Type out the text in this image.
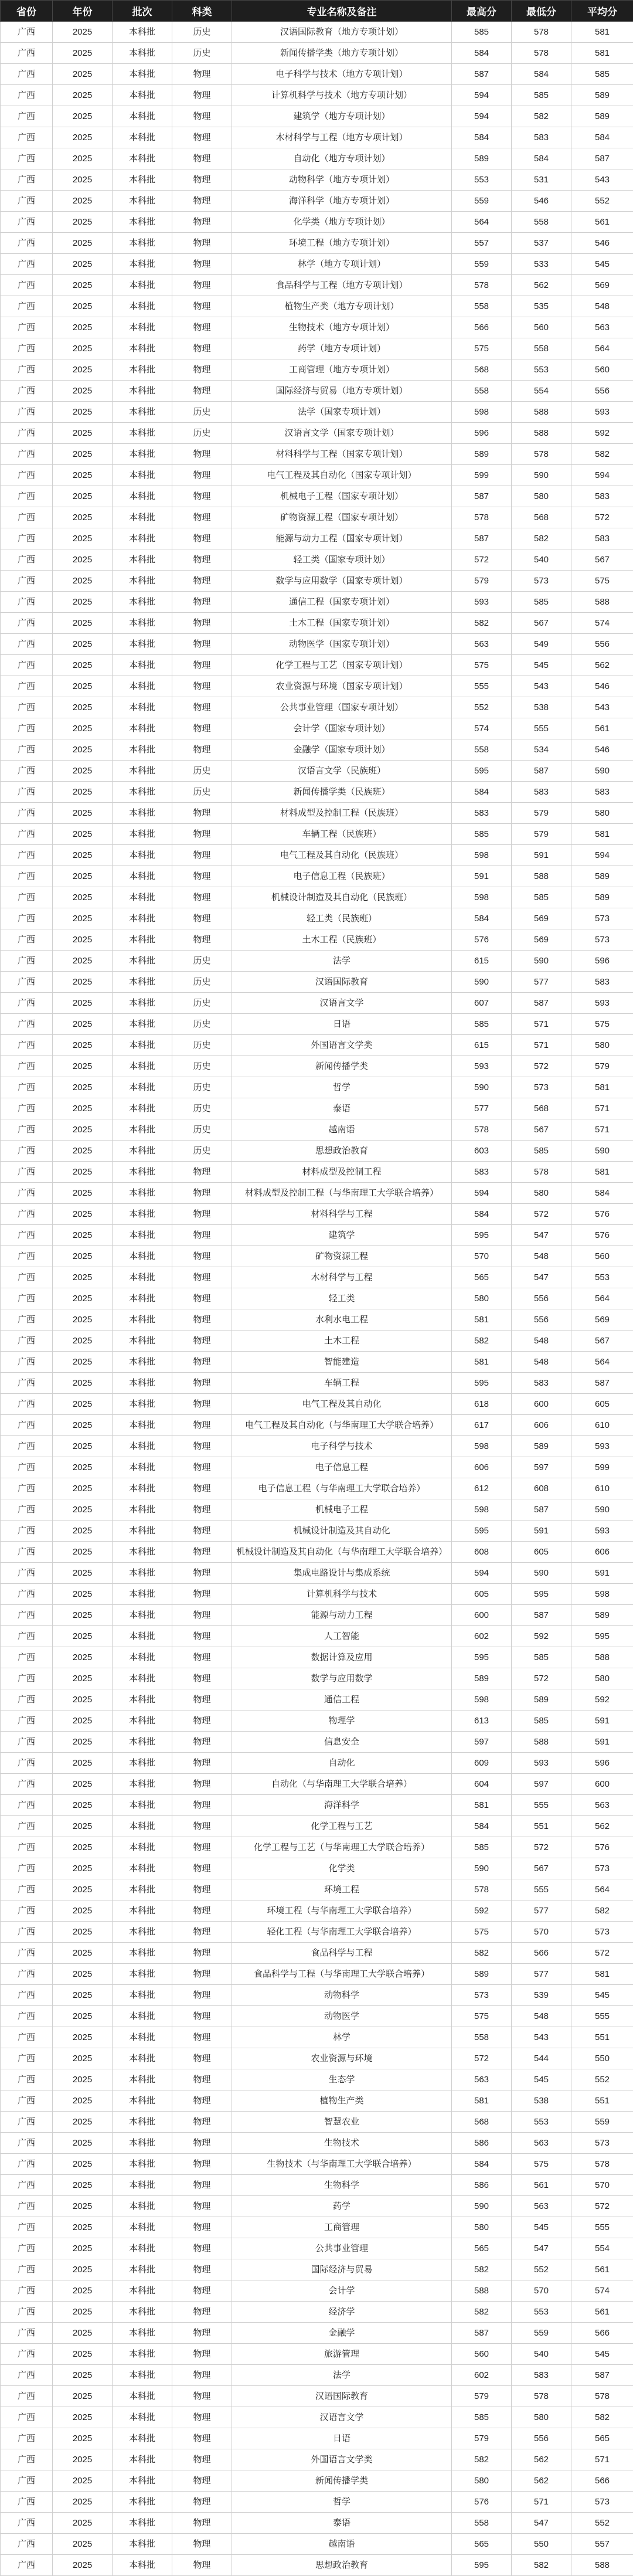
省份	年份	批次	科类	专业名称及备注	最高分	最低分	平均分
广西	2025	本科批	历史	汉语国际教育（地方专项计划）	585	578	581
广西	2025	本科批	历史	新闻传播学类（地方专项计划）	584	578	581
广西	2025	本科批	物理	电子科学与技术（地方专项计划）	587	584	585
广西	2025	本科批	物理	计算机科学与技术（地方专项计划）	594	585	589
广西	2025	本科批	物理	建筑学（地方专项计划）	594	582	589
广西	2025	本科批	物理	木材科学与工程（地方专项计划）	584	583	584
广西	2025	本科批	物理	自动化（地方专项计划）	589	584	587
广西	2025	本科批	物理	动物科学（地方专项计划）	553	531	543
广西	2025	本科批	物理	海洋科学（地方专项计划）	559	546	552
广西	2025	本科批	物理	化学类（地方专项计划）	564	558	561
广西	2025	本科批	物理	环境工程（地方专项计划）	557	537	546
广西	2025	本科批	物理	林学（地方专项计划）	559	533	545
广西	2025	本科批	物理	食品科学与工程（地方专项计划）	578	562	569
广西	2025	本科批	物理	植物生产类（地方专项计划）	558	535	548
广西	2025	本科批	物理	生物技术（地方专项计划）	566	560	563
广西	2025	本科批	物理	药学（地方专项计划）	575	558	564
广西	2025	本科批	物理	工商管理（地方专项计划）	568	553	560
广西	2025	本科批	物理	国际经济与贸易（地方专项计划）	558	554	556
广西	2025	本科批	历史	法学（国家专项计划）	598	588	593
广西	2025	本科批	历史	汉语言文学（国家专项计划）	596	588	592
广西	2025	本科批	物理	材料科学与工程（国家专项计划）	589	578	582
广西	2025	本科批	物理	电气工程及其自动化（国家专项计划）	599	590	594
广西	2025	本科批	物理	机械电子工程（国家专项计划）	587	580	583
广西	2025	本科批	物理	矿物资源工程（国家专项计划）	578	568	572
广西	2025	本科批	物理	能源与动力工程（国家专项计划）	587	582	583
广西	2025	本科批	物理	轻工类（国家专项计划）	572	540	567
广西	2025	本科批	物理	数学与应用数学（国家专项计划）	579	573	575
广西	2025	本科批	物理	通信工程（国家专项计划）	593	585	588
广西	2025	本科批	物理	土木工程（国家专项计划）	582	567	574
广西	2025	本科批	物理	动物医学（国家专项计划）	563	549	556
广西	2025	本科批	物理	化学工程与工艺（国家专项计划）	575	545	562
广西	2025	本科批	物理	农业资源与环境（国家专项计划）	555	543	546
广西	2025	本科批	物理	公共事业管理（国家专项计划）	552	538	543
广西	2025	本科批	物理	会计学（国家专项计划）	574	555	561
广西	2025	本科批	物理	金融学（国家专项计划）	558	534	546
广西	2025	本科批	历史	汉语言文学（民族班）	595	587	590
广西	2025	本科批	历史	新闻传播学类（民族班）	584	583	583
广西	2025	本科批	物理	材料成型及控制工程（民族班）	583	579	580
广西	2025	本科批	物理	车辆工程（民族班）	585	579	581
广西	2025	本科批	物理	电气工程及其自动化（民族班）	598	591	594
广西	2025	本科批	物理	电子信息工程（民族班）	591	588	589
广西	2025	本科批	物理	机械设计制造及其自动化（民族班）	598	585	589
广西	2025	本科批	物理	轻工类（民族班）	584	569	573
广西	2025	本科批	物理	土木工程（民族班）	576	569	573
广西	2025	本科批	历史	法学	615	590	596
广西	2025	本科批	历史	汉语国际教育	590	577	583
广西	2025	本科批	历史	汉语言文学	607	587	593
广西	2025	本科批	历史	日语	585	571	575
广西	2025	本科批	历史	外国语言文学类	615	571	580
广西	2025	本科批	历史	新闻传播学类	593	572	579
广西	2025	本科批	历史	哲学	590	573	581
广西	2025	本科批	历史	泰语	577	568	571
广西	2025	本科批	历史	越南语	578	567	571
广西	2025	本科批	历史	思想政治教育	603	585	590
广西	2025	本科批	物理	材料成型及控制工程	583	578	581
广西	2025	本科批	物理	材料成型及控制工程（与华南理工大学联合培养）	594	580	584
广西	2025	本科批	物理	材料科学与工程	584	572	576
广西	2025	本科批	物理	建筑学	595	547	576
广西	2025	本科批	物理	矿物资源工程	570	548	560
广西	2025	本科批	物理	木材科学与工程	565	547	553
广西	2025	本科批	物理	轻工类	580	556	564
广西	2025	本科批	物理	水利水电工程	581	556	569
广西	2025	本科批	物理	土木工程	582	548	567
广西	2025	本科批	物理	智能建造	581	548	564
广西	2025	本科批	物理	车辆工程	595	583	587
广西	2025	本科批	物理	电气工程及其自动化	618	600	605
广西	2025	本科批	物理	电气工程及其自动化（与华南理工大学联合培养）	617	606	610
广西	2025	本科批	物理	电子科学与技术	598	589	593
广西	2025	本科批	物理	电子信息工程	606	597	599
广西	2025	本科批	物理	电子信息工程（与华南理工大学联合培养）	612	608	610
广西	2025	本科批	物理	机械电子工程	598	587	590
广西	2025	本科批	物理	机械设计制造及其自动化	595	591	593
广西	2025	本科批	物理	机械设计制造及其自动化（与华南理工大学联合培养）	608	605	606
广西	2025	本科批	物理	集成电路设计与集成系统	594	590	591
广西	2025	本科批	物理	计算机科学与技术	605	595	598
广西	2025	本科批	物理	能源与动力工程	600	587	589
广西	2025	本科批	物理	人工智能	602	592	595
广西	2025	本科批	物理	数据计算及应用	595	585	588
广西	2025	本科批	物理	数学与应用数学	589	572	580
广西	2025	本科批	物理	通信工程	598	589	592
广西	2025	本科批	物理	物理学	613	585	591
广西	2025	本科批	物理	信息安全	597	588	591
广西	2025	本科批	物理	自动化	609	593	596
广西	2025	本科批	物理	自动化（与华南理工大学联合培养）	604	597	600
广西	2025	本科批	物理	海洋科学	581	555	563
广西	2025	本科批	物理	化学工程与工艺	584	551	562
广西	2025	本科批	物理	化学工程与工艺（与华南理工大学联合培养）	585	572	576
广西	2025	本科批	物理	化学类	590	567	573
广西	2025	本科批	物理	环境工程	578	555	564
广西	2025	本科批	物理	环境工程（与华南理工大学联合培养）	592	577	582
广西	2025	本科批	物理	轻化工程（与华南理工大学联合培养）	575	570	573
广西	2025	本科批	物理	食品科学与工程	582	566	572
广西	2025	本科批	物理	食品科学与工程（与华南理工大学联合培养）	589	577	581
广西	2025	本科批	物理	动物科学	573	539	545
广西	2025	本科批	物理	动物医学	575	548	555
广西	2025	本科批	物理	林学	558	543	551
广西	2025	本科批	物理	农业资源与环境	572	544	550
广西	2025	本科批	物理	生态学	563	545	552
广西	2025	本科批	物理	植物生产类	581	538	551
广西	2025	本科批	物理	智慧农业	568	553	559
广西	2025	本科批	物理	生物技术	586	563	573
广西	2025	本科批	物理	生物技术（与华南理工大学联合培养）	584	575	578
广西	2025	本科批	物理	生物科学	586	561	570
广西	2025	本科批	物理	药学	590	563	572
广西	2025	本科批	物理	工商管理	580	545	555
广西	2025	本科批	物理	公共事业管理	565	547	554
广西	2025	本科批	物理	国际经济与贸易	582	552	561
广西	2025	本科批	物理	会计学	588	570	574
广西	2025	本科批	物理	经济学	582	553	561
广西	2025	本科批	物理	金融学	587	559	566
广西	2025	本科批	物理	旅游管理	560	540	545
广西	2025	本科批	物理	法学	602	583	587
广西	2025	本科批	物理	汉语国际教育	579	578	578
广西	2025	本科批	物理	汉语言文学	585	580	582
广西	2025	本科批	物理	日语	579	556	565
广西	2025	本科批	物理	外国语言文学类	582	562	571
广西	2025	本科批	物理	新闻传播学类	580	562	566
广西	2025	本科批	物理	哲学	576	571	573
广西	2025	本科批	物理	泰语	558	547	552
广西	2025	本科批	物理	越南语	565	550	557
广西	2025	本科批	物理	思想政治教育	595	582	588
